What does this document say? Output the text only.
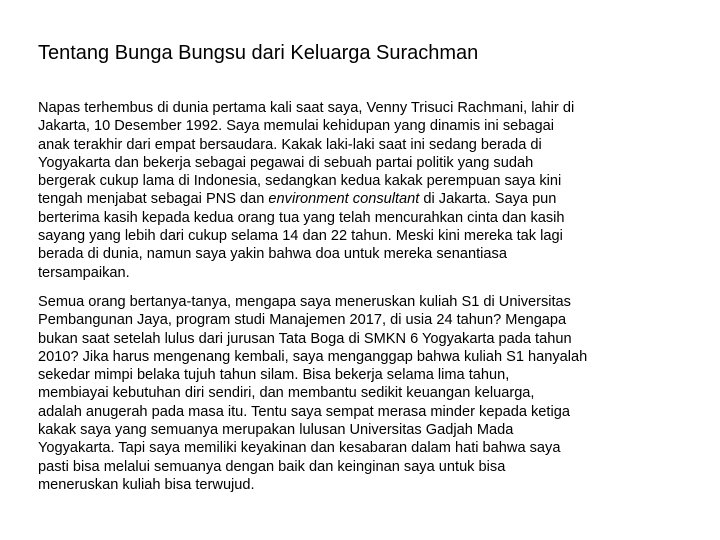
Tentang Bunga Bungsu dari Keluarga Surachman

Napas terhembus di dunia pertama kali saat saya, Venny Trisuci Rachmani, lahir di
Jakarta, 10 Desember 1992. Saya memulai kehidupan yang dinamis ini sebagai
anak terakhir dari empat bersaudara. Kakak laki-laki saat ini sedang berada di
Yogyakarta dan bekerja sebagai pegawai di sebuah partai politik yang sudah
bergerak cukup lama di Indonesia, sedangkan kedua kakak perempuan saya kini
tengah menjabat sebagai PNS dan environment consultant di Jakarta. Saya pun
berterima kasih kepada kedua orang tua yang telah mencurahkan cinta dan kasih
sayang yang lebih dari cukup selama 14 dan 22 tahun. Meski kini mereka tak lagi
berada di dunia, namun saya yakin bahwa doa untuk mereka senantiasa
tersampaikan.

Semua orang bertanya-tanya, mengapa saya meneruskan kuliah S1 di Universitas
Pembangunan Jaya, program studi Manajemen 2017, di usia 24 tahun? Mengapa
bukan saat setelah lulus dari jurusan Tata Boga di SMKN 6 Yogyakarta pada tahun
2010? Jika harus mengenang kembali, saya menganggap bahwa kuliah S1 hanyalah
sekedar mimpi belaka tujuh tahun silam. Bisa bekerja selama lima tahun,
membiayai kebutuhan diri sendiri, dan membantu sedikit keuangan keluarga,
adalah anugerah pada masa itu. Tentu saya sempat merasa minder kepada ketiga
kakak saya yang semuanya merupakan lulusan Universitas Gadjah Mada
Yogyakarta. Tapi saya memiliki keyakinan dan kesabaran dalam hati bahwa saya
pasti bisa melalui semuanya dengan baik dan keinginan saya untuk bisa
meneruskan kuliah bisa terwujud.
